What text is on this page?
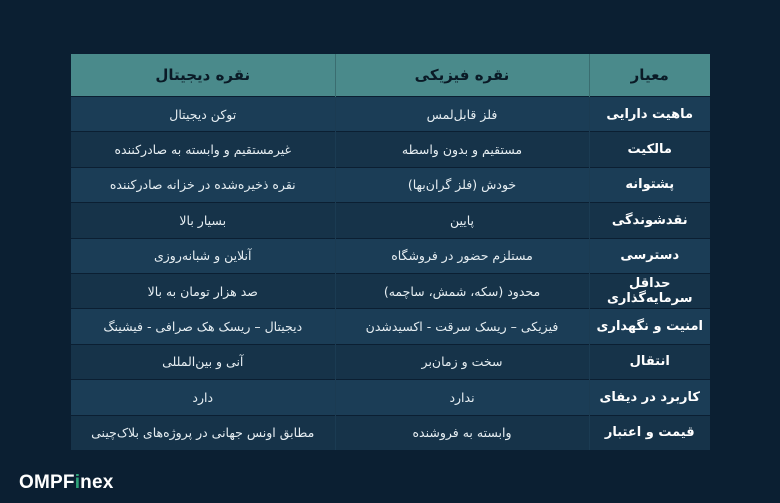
معیار	نقره فیزیکی	نقره دیجیتال
ماهیت دارایی	فلز قابل‌لمس	توکن دیجیتال
مالکیت	مستقیم و بدون واسطه	غیرمستقیم و وابسته به صادرکننده
پشتوانه	خودش (فلز گران‌بها)	نقره ذخیره‌شده در خزانه صادرکننده
نقدشوندگی	پایین	بسیار بالا
دسترسی	مستلزم حضور در فروشگاه	آنلاین و شبانه‌روزی
حداقل سرمایه‌گذاری	محدود (سکه، شمش، ساچمه)	صد هزار تومان به بالا
امنیت و نگهداری	فیزیکی – ریسک سرقت - اکسیدشدن	دیجیتال – ریسک هک صرافی - فیشینگ
انتقال	سخت و زمان‌بر	آنی و بین‌المللی
کاربرد در دیفای	ندارد	دارد
قیمت و اعتبار	وابسته به فروشنده	مطابق اونس جهانی در پروژه‌های بلاک‌چینی
OMPF i nex
